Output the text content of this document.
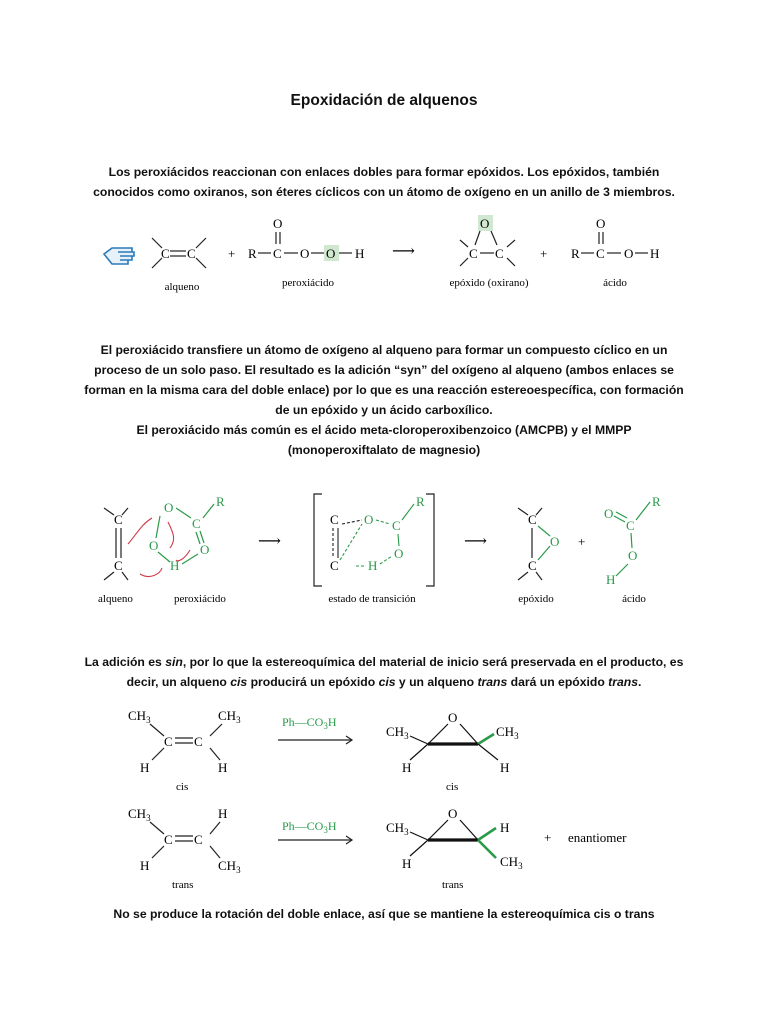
Epoxidación de alquenos
Los peroxiácidos reaccionan con enlaces dobles para formar epóxidos. Los epóxidos, también conocidos como oxiranos, son éteres cíclicos con un átomo de oxígeno en un anillo de 3 miembros.
C C + R C
O
O O H ⟶
O
C C	+ R C
O
O H
alqueno	peroxiácido	epóxido (oxirano)	ácido
El peroxiácido transfiere un átomo de oxígeno al alqueno para formar un compuesto cíclico en un proceso de un solo paso. El resultado es la adición “syn” del oxígeno al alqueno (ambos enlaces se forman en la misma cara del doble enlace) por lo que es una reacción estereoespecífica, con formación de un epóxido y un ácido carboxílico.
El peroxiácido más común es el ácido meta-cloroperoxibenzoico (AMCPB) y el MMPP (monoperoxiftalato de magnesio)
C
C
O
O
C
R
O
H
⟶
C
C
O C
R
O
H
⟶
C
C
O +
O
C
R
O
H
alqueno	peroxiácido	estado de transición	epóxido	ácido
La adición es sin, por lo que la estereoquímica del material de inicio será preservada en el producto, es decir, un alqueno cis producirá un epóxido cis y un alqueno trans dará un epóxido trans.
$CH_3$	$CH_3$
C C
H	H
cis
$Ph—CO_3H$
$CH_3$
O
$CH_3$
H	H
cis
$CH_3$	H
C C
H	$CH_3$
trans
$Ph—CO_3H$	$CH_3$
O
H
H	$CH_3$
trans
+ enantiomer
No se produce la rotación del doble enlace, así que se mantiene la estereoquímica cis o trans
